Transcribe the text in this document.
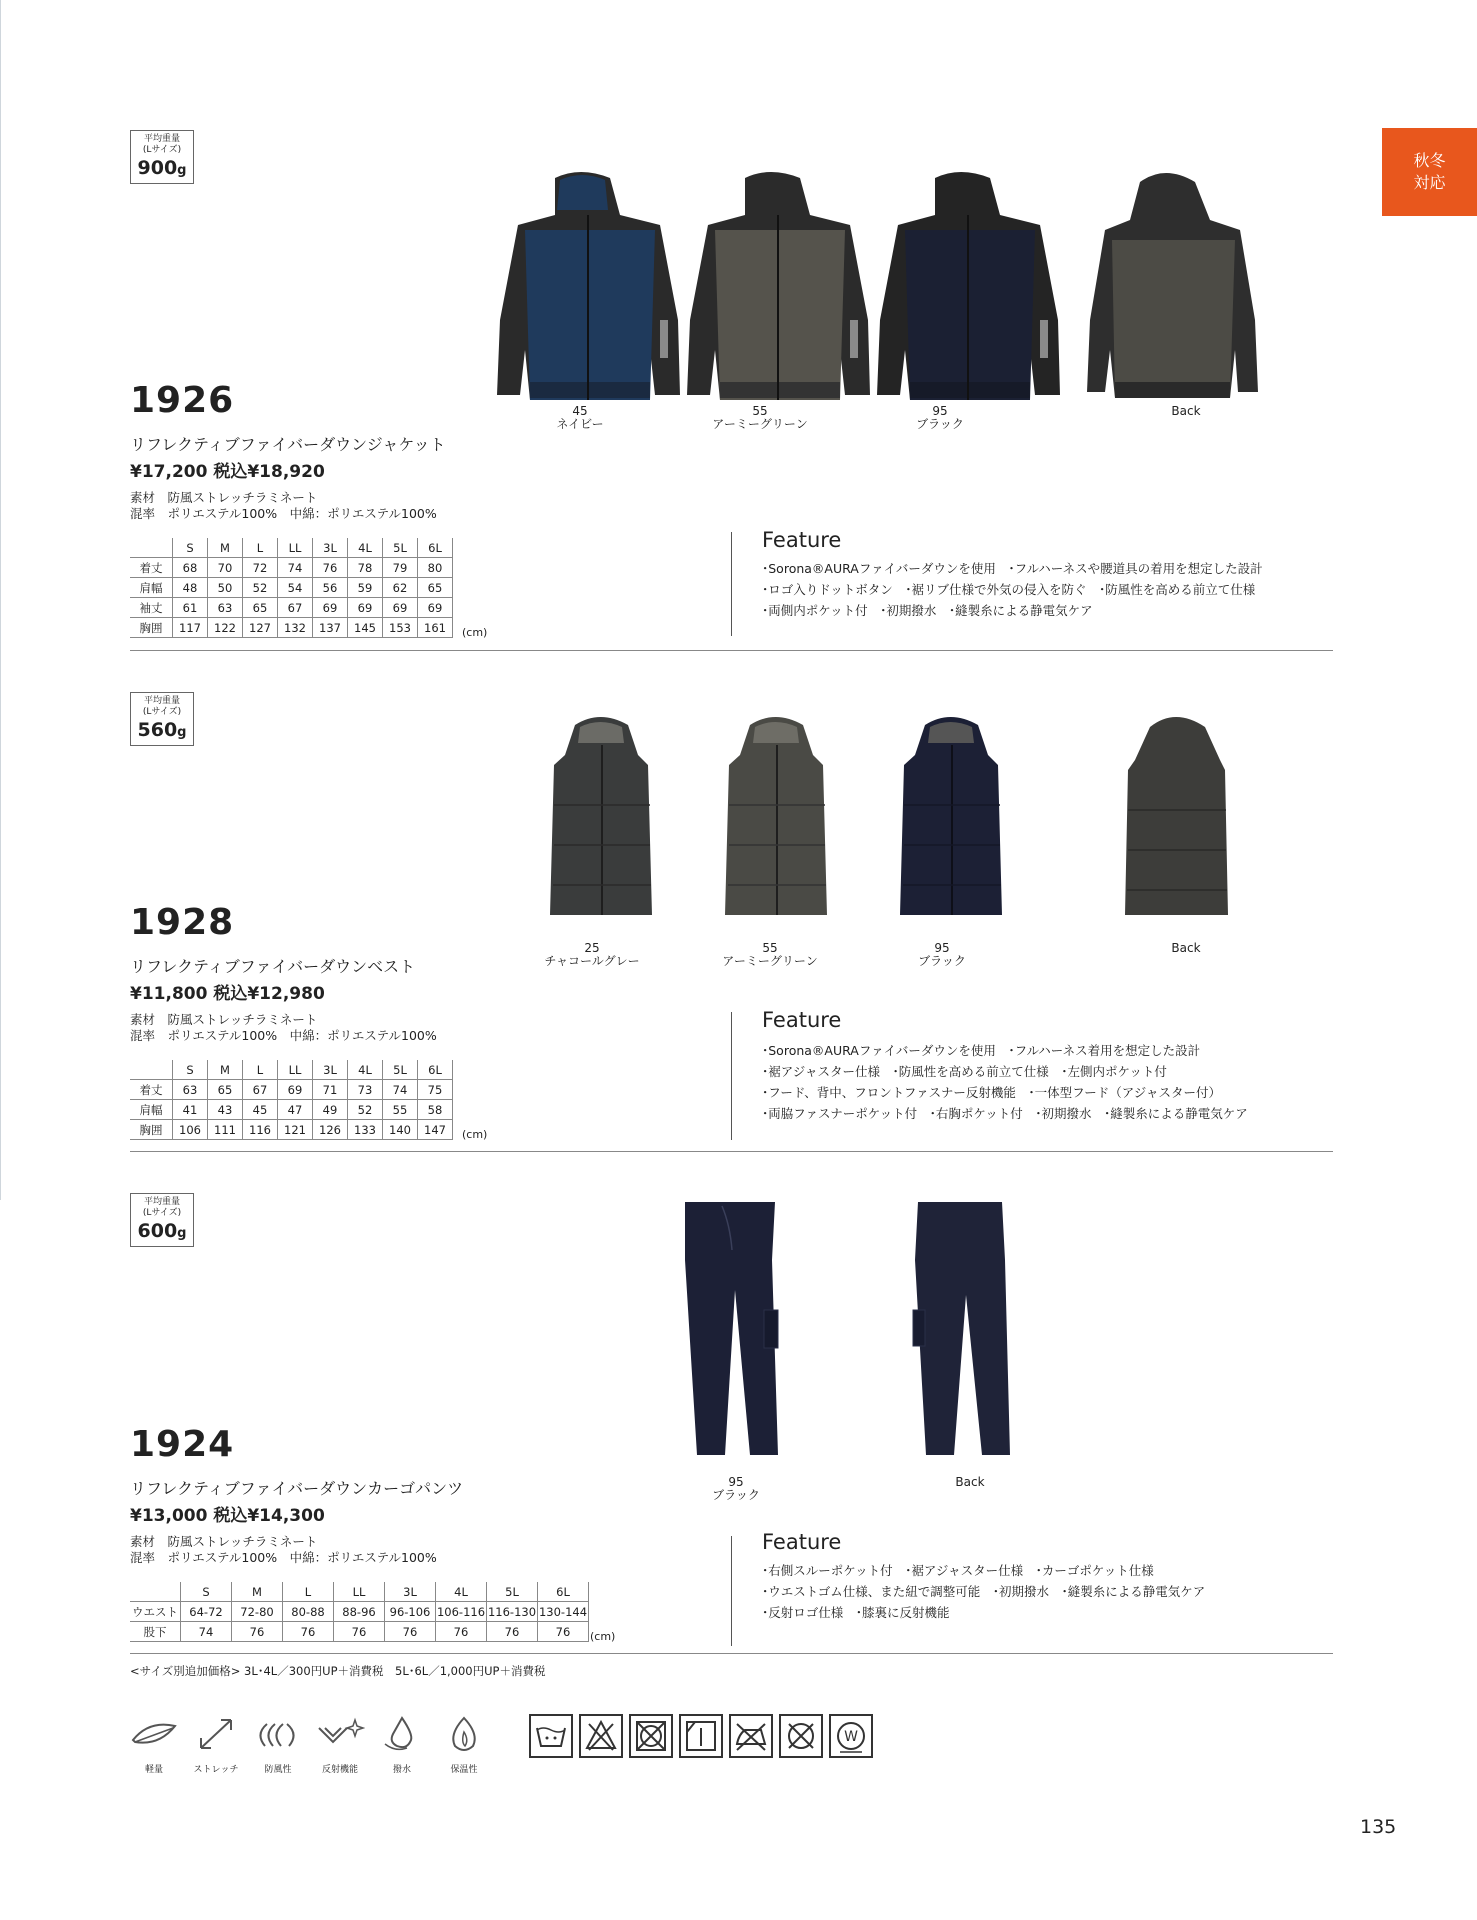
秋冬
対応
平均重量
(Lサイズ)
900g
45
ネイビー
55
アーミーグリーン
95
ブラック
Back
1926
リフレクティブファイバーダウンジャケット
¥17,200 税込¥18,920
素材　防風ストレッチラミネート
混率　ポリエステル100%　中綿：ポリエステル100%
	S	M	L	LL	3L	4L	5L	6L
着丈	68	70	72	74	76	78	79	80
肩幅	48	50	52	54	56	59	62	65
袖丈	61	63	65	67	69	69	69	69
胸囲	117	122	127	132	137	145	153	161 (cm)
Feature
･Sorona®AURAファイバーダウンを使用　･フルハーネスや腰道具の着用を想定した設計
･ロゴ入りドットボタン　･裾リブ仕様で外気の侵入を防ぐ　･防風性を高める前立て仕様
･両側内ポケット付　･初期撥水　･縫製糸による静電気ケア
平均重量
(Lサイズ)
560g
25
チャコールグレー
55
アーミーグリーン
95
ブラック
Back
1928
リフレクティブファイバーダウンベスト
¥11,800 税込¥12,980
素材　防風ストレッチラミネート
混率　ポリエステル100%　中綿：ポリエステル100%
	S	M	L	LL	3L	4L	5L	6L
着丈	63	65	67	69	71	73	74	75
肩幅	41	43	45	47	49	52	55	58
胸囲	106	111	116	121	126	133	140	147 (cm)
Feature
･Sorona®AURAファイバーダウンを使用　･フルハーネス着用を想定した設計
･裾アジャスター仕様　･防風性を高める前立て仕様　･左側内ポケット付
･フード、背中、フロントファスナー反射機能　･一体型フード（アジャスター付）
･両脇ファスナーポケット付　･右胸ポケット付　･初期撥水　･縫製糸による静電気ケア
平均重量
(Lサイズ)
600g
95
ブラック
Back
1924
リフレクティブファイバーダウンカーゴパンツ
¥13,000 税込¥14,300
素材　防風ストレッチラミネート
混率　ポリエステル100%　中綿：ポリエステル100%
	S	M	L	LL	3L	4L	5L	6L
ウエスト	64-72	72-80	80-88	88-96	96-106	106-116	116-130	130-144
股下	74	76	76	76	76	76	76	76 (cm)
Feature
･右側スルーポケット付　･裾アジャスター仕様　･カーゴポケット仕様
･ウエストゴム仕様、また紐で調整可能　･初期撥水　･縫製糸による静電気ケア
･反射ロゴ仕様　･膝裏に反射機能
<サイズ別追加価格> 3L･4L／300円UP＋消費税　5L･6L／1,000円UP＋消費税
軽量	ストレッチ	防風性	反射機能	撥水	保温性
W
135
